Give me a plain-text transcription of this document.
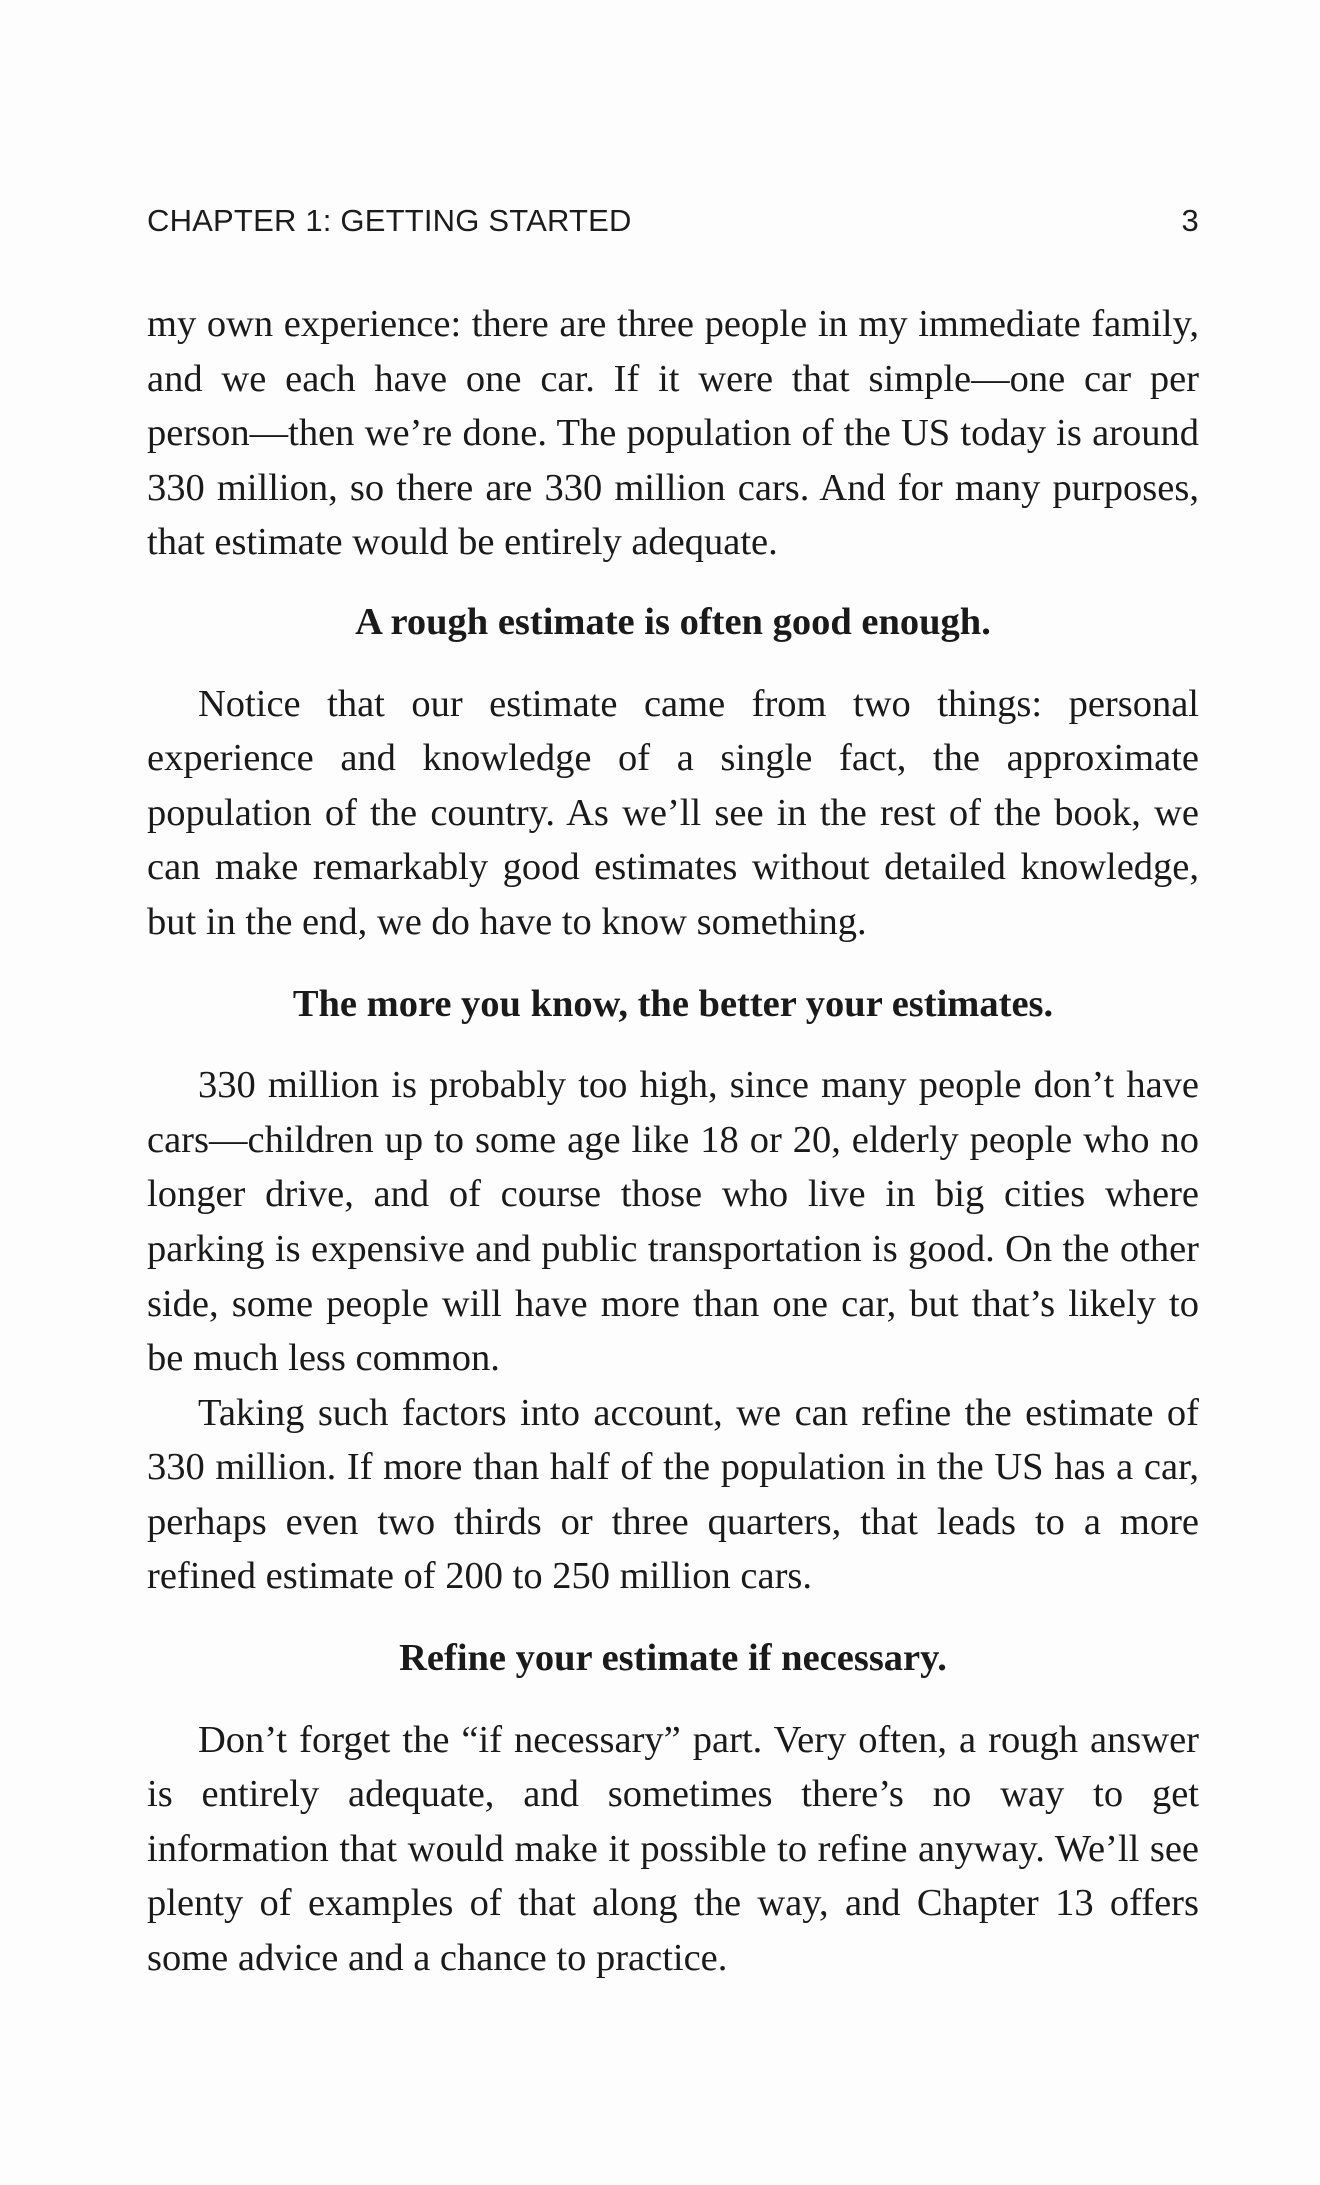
CHAPTER 1: GETTING STARTED	3

my own experience: there are three people in my immediate family, and we each have one car. If it were that simple—one car per person—then we’re done. The population of the US today is around 330 million, so there are 330 million cars. And for many purposes, that estimate would be entirely adequate.

A rough estimate is often good enough.

Notice that our estimate came from two things: personal experience and knowledge of a single fact, the approximate population of the country. As we’ll see in the rest of the book, we can make remarkably good estimates without detailed knowledge, but in the end, we do have to know something.

The more you know, the better your estimates.

330 million is probably too high, since many people don’t have cars—children up to some age like 18 or 20, elderly people who no longer drive, and of course those who live in big cities where parking is expensive and public transportation is good. On the other side, some people will have more than one car, but that’s likely to be much less common.

Taking such factors into account, we can refine the estimate of 330 million. If more than half of the population in the US has a car, perhaps even two thirds or three quarters, that leads to a more refined estimate of 200 to 250 million cars.

Refine your estimate if necessary.

Don’t forget the “if necessary” part. Very often, a rough answer is entirely adequate, and sometimes there’s no way to get information that would make it possible to refine anyway. We’ll see plenty of examples of that along the way, and Chapter 13 offers some advice and a chance to practice.
